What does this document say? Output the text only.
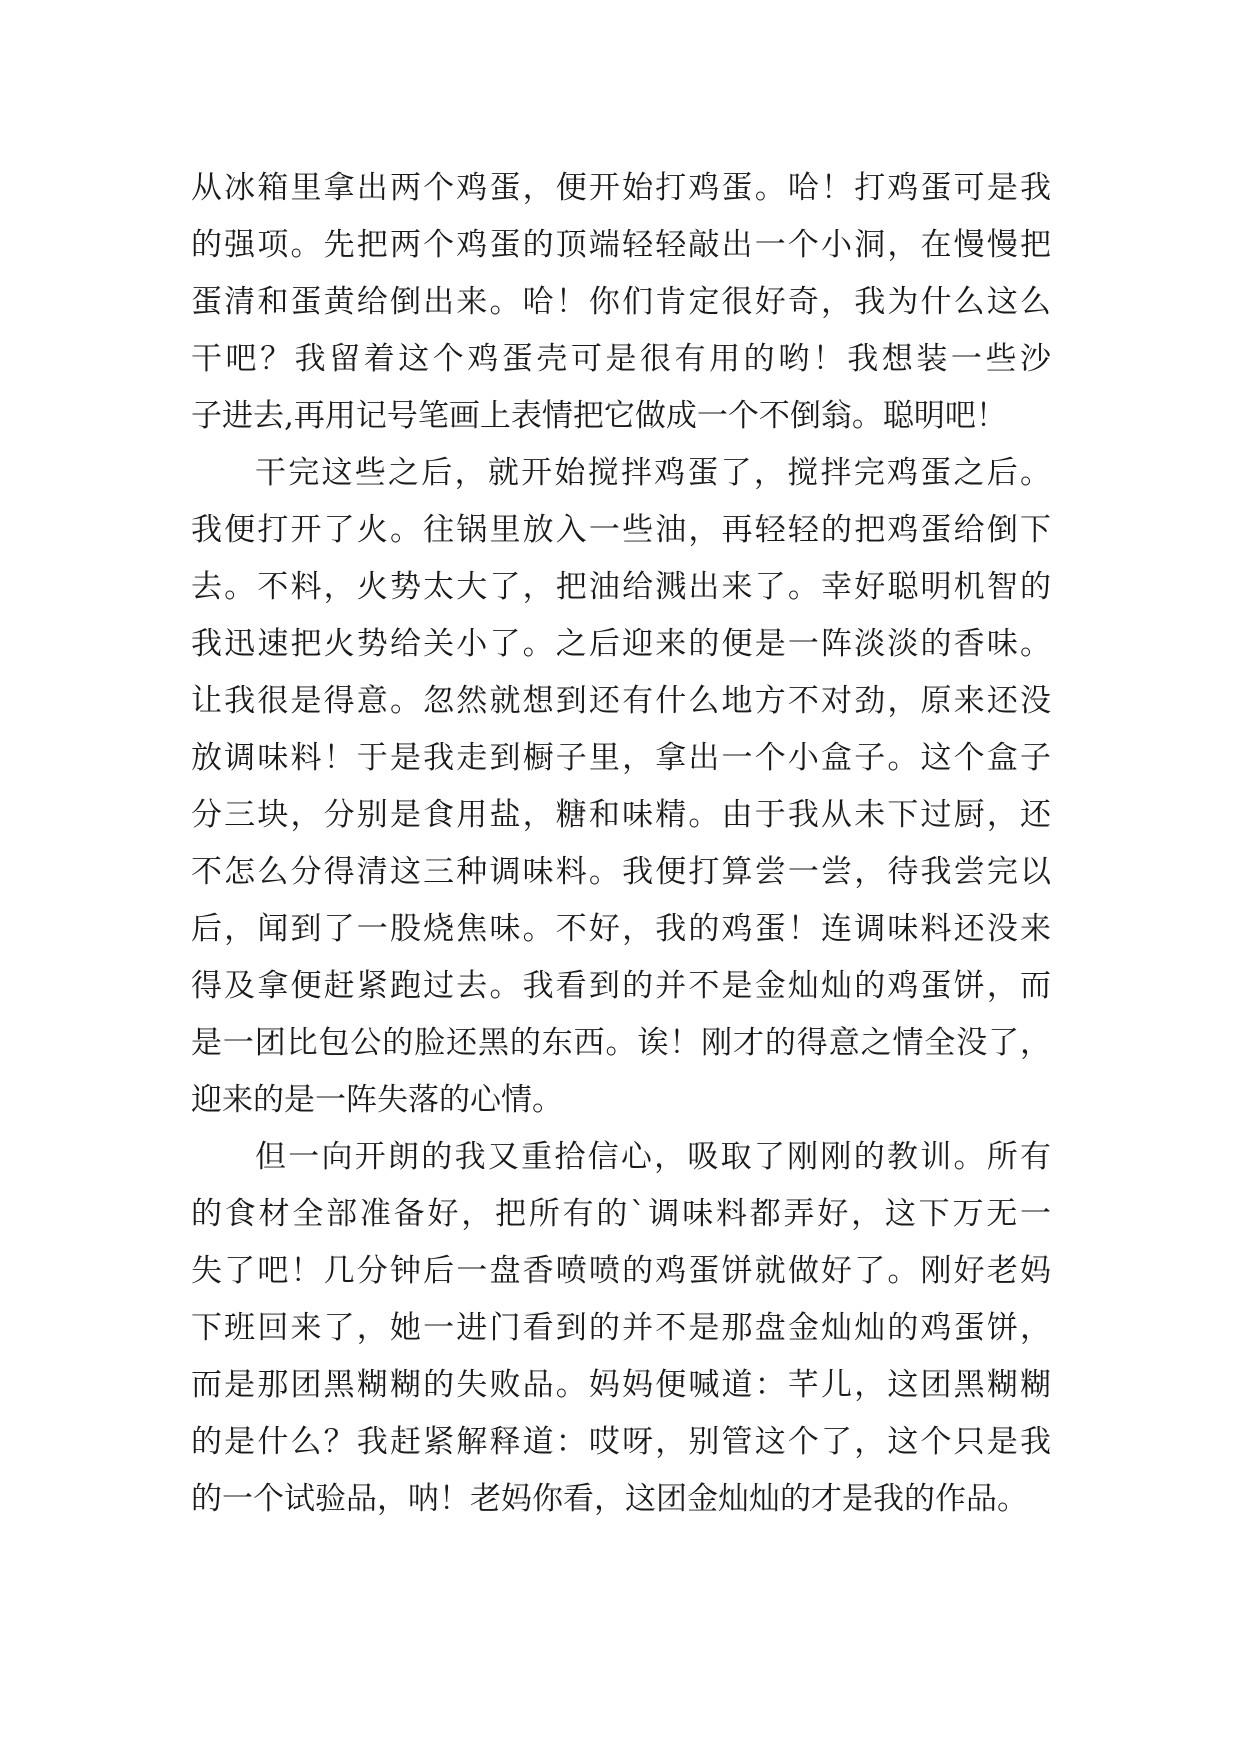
从冰箱里拿出两个鸡蛋，便开始打鸡蛋。哈！打鸡蛋可是我
的强项。先把两个鸡蛋的顶端轻轻敲出一个小洞，在慢慢把
蛋清和蛋黄给倒出来。哈！你们肯定很好奇，我为什么这么
干吧？我留着这个鸡蛋壳可是很有用的哟！我想装一些沙
子进去,再用记号笔画上表情把它做成一个不倒翁。聪明吧！
干完这些之后，就开始搅拌鸡蛋了，搅拌完鸡蛋之后。
我便打开了火。往锅里放入一些油，再轻轻的把鸡蛋给倒下
去。不料，火势太大了，把油给溅出来了。幸好聪明机智的
我迅速把火势给关小了。之后迎来的便是一阵淡淡的香味。
让我很是得意。忽然就想到还有什么地方不对劲，原来还没
放调味料！于是我走到橱子里，拿出一个小盒子。这个盒子
分三块，分别是食用盐，糖和味精。由于我从未下过厨，还
不怎么分得清这三种调味料。我便打算尝一尝，待我尝完以
后，闻到了一股烧焦味。不好，我的鸡蛋！连调味料还没来
得及拿便赶紧跑过去。我看到的并不是金灿灿的鸡蛋饼，而
是一团比包公的脸还黑的东西。诶！刚才的得意之情全没了，
迎来的是一阵失落的心情。
但一向开朗的我又重拾信心，吸取了刚刚的教训。所有
的食材全部准备好，把所有的`调味料都弄好，这下万无一
失了吧！几分钟后一盘香喷喷的鸡蛋饼就做好了。刚好老妈
下班回来了，她一进门看到的并不是那盘金灿灿的鸡蛋饼，
而是那团黑糊糊的失败品。妈妈便喊道：芊儿，这团黑糊糊
的是什么？我赶紧解释道：哎呀，别管这个了，这个只是我
的一个试验品，呐！老妈你看，这团金灿灿的才是我的作品。
